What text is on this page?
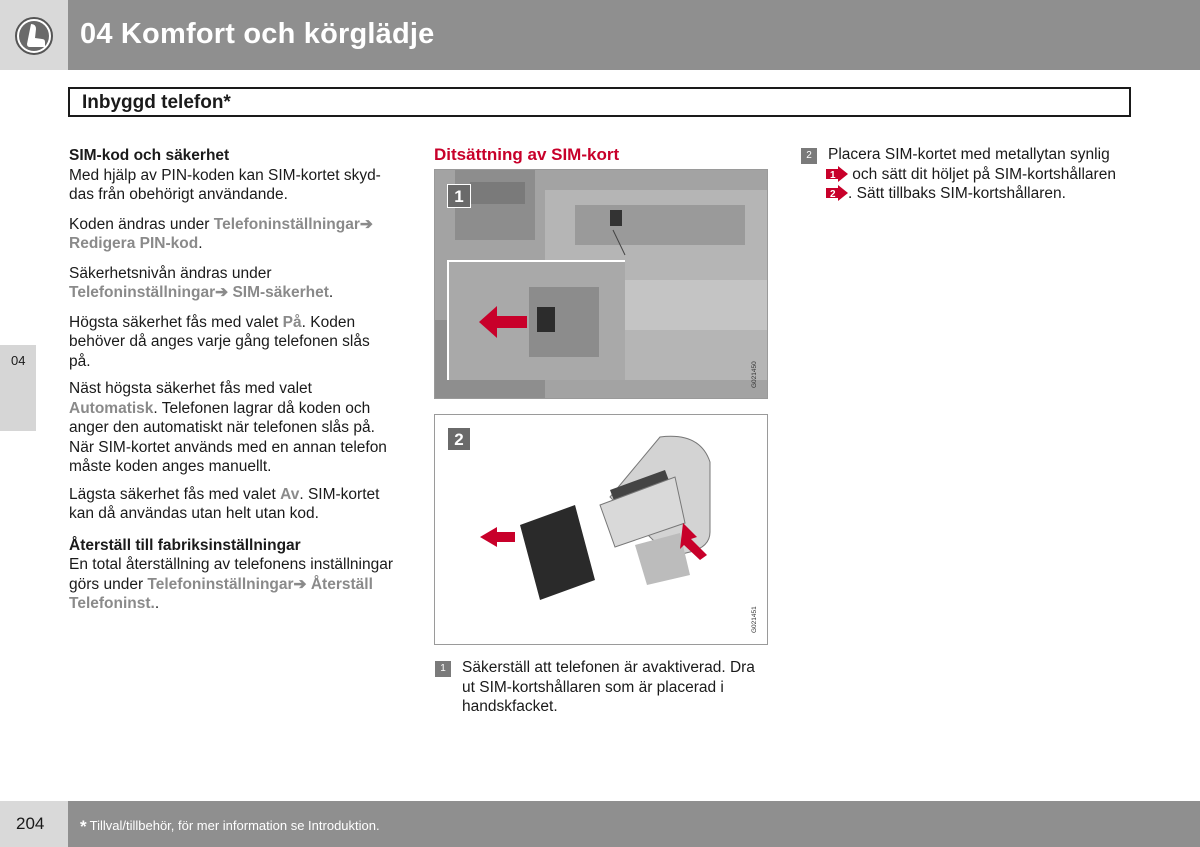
04 Komfort och körglädje
04
Inbyggd telefon*

SIM-kod och säkerhet

Med hjälp av PIN-koden kan SIM-kortet skyd-das från obehörigt användande.

Koden ändras under Telefoninställningar➔
Redigera PIN-kod.

Säkerhetsnivån ändras under
Telefoninställningar➔ SIM-säkerhet.

Högsta säkerhet fås med valet På. Koden behöver då anges varje gång telefonen slås på.

Näst högsta säkerhet fås med valet
Automatisk. Telefonen lagrar då koden och anger den automatiskt när telefonen slås på. När SIM-kortet används med en annan telefon måste koden anges manuellt.

Lägsta säkerhet fås med valet Av. SIM-kortet kan då användas utan helt utan kod.

Återställ till fabriksinställningar

En total återställning av telefonens inställningar görs under Telefoninställningar➔ Återställ Telefoninst..

Ditsättning av SIM-kort
1
G021450
2
G021451
1	Säkerställ att telefonen är avaktiverad. Dra ut SIM-kortshållaren som är placerad i handskfacket.
2	Placera SIM-kortet med metallytan synlig

1 och sätt dit höljet på SIM-kortshållaren

2 . Sätt tillbaks SIM-kortshållaren.
204 * Tillval/tillbehör, för mer information se Introduktion.
